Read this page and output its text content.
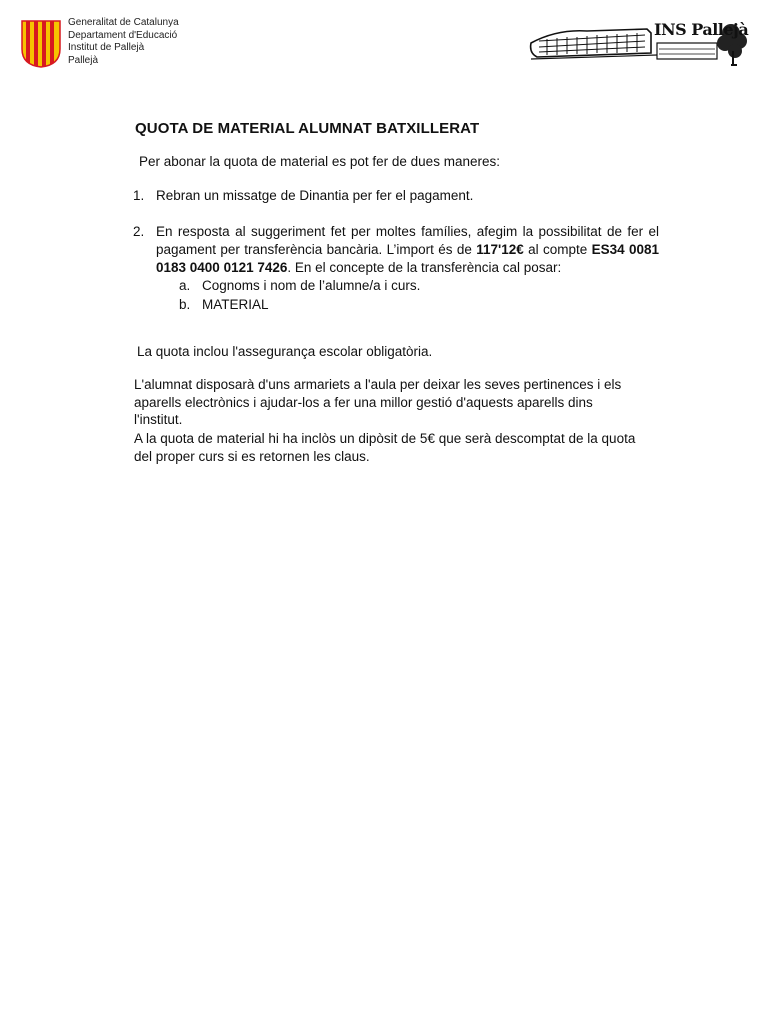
Generalitat de Catalunya
Departament d'Educació
Institut de Pallejà
Pallejà
INS Pallejà
QUOTA DE MATERIAL ALUMNAT BATXILLERAT
Per abonar la quota de material es pot fer de dues maneres:
1. Rebran un missatge de Dinantia per fer el pagament.
2. En resposta al suggeriment fet per moltes famílies, afegim la possibilitat de fer el pagament per transferència bancària. L’import és de 117'12€ al compte ES34 0081 0183 0400 0121 7426. En el concepte de la transferència cal posar:
a. Cognoms i nom de l’alumne/a i curs.
b. MATERIAL
La quota inclou l'assegurança escolar obligatòria.
L'alumnat disposarà d'uns armariets a l'aula per deixar les seves pertinences i els aparells electrònics i ajudar-los a fer una millor gestió d'aquests aparells dins l'institut.
A la quota de material hi ha inclòs un dipòsit de 5€ que serà descomptat de la quota del proper curs si es retornen les claus.
